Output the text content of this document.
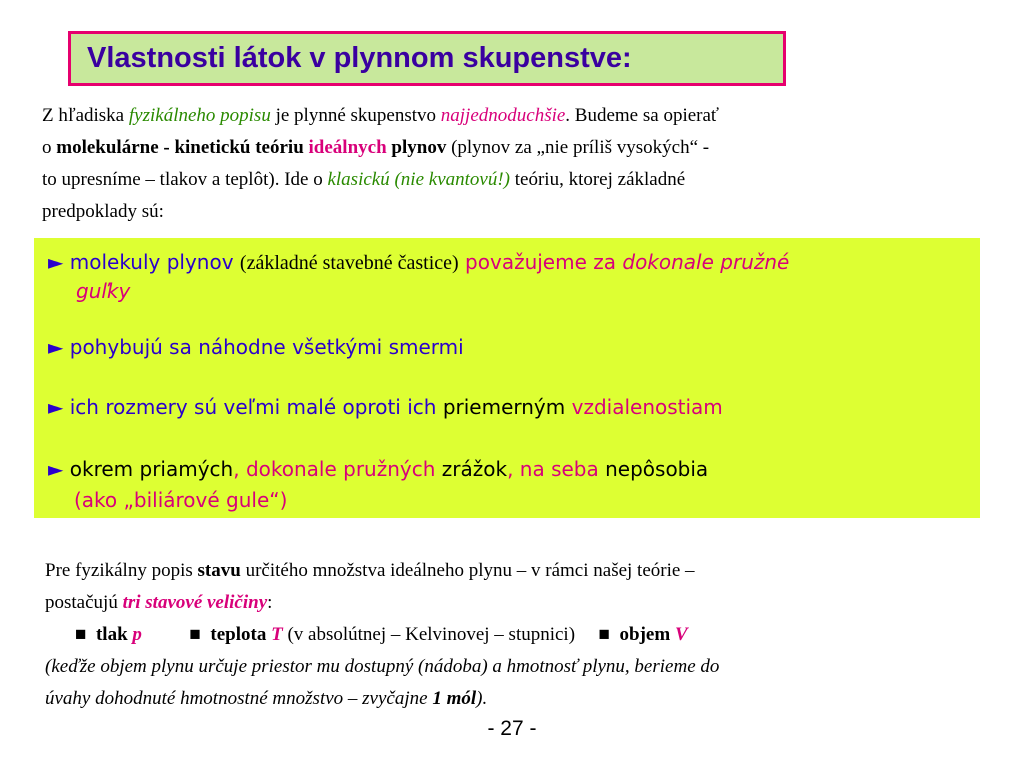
Vlastnosti látok v plynnom skupenstve:
Z hľadiska fyzikálneho popisu je plynné skupenstvo najjednoduchšie. Budeme sa opierať
o molekulárne - kinetickú teóriu ideálnych plynov (plynov za „nie príliš vysokých“ -
to upresníme – tlakov a teplôt). Ide o klasickú (nie kvantovú!) teóriu, ktorej základné
predpoklady sú:
► molekuly plynov (základné stavebné častice) považujeme za dokonale pružné
guľky
► pohybujú sa náhodne všetkými smermi
► ich rozmery sú veľmi malé oproti ich priemerným vzdialenostiam
► okrem priamých, dokonale pružných zrážok, na seba nepôsobia
(ako „biliárové gule“)
Pre fyzikálny popis stavu určitého množstva ideálneho plynu – v rámci našej teórie –
postačujú tri stavové veličiny:
■ tlak p	■ teplota T (v absolútnej – Kelvinovej – stupnici) ■ objem V
(keďže objem plynu určuje priestor mu dostupný (nádoba) a hmotnosť plynu, berieme do
úvahy dohodnuté hmotnostné množstvo – zvyčajne 1 mól).
- 27 -
